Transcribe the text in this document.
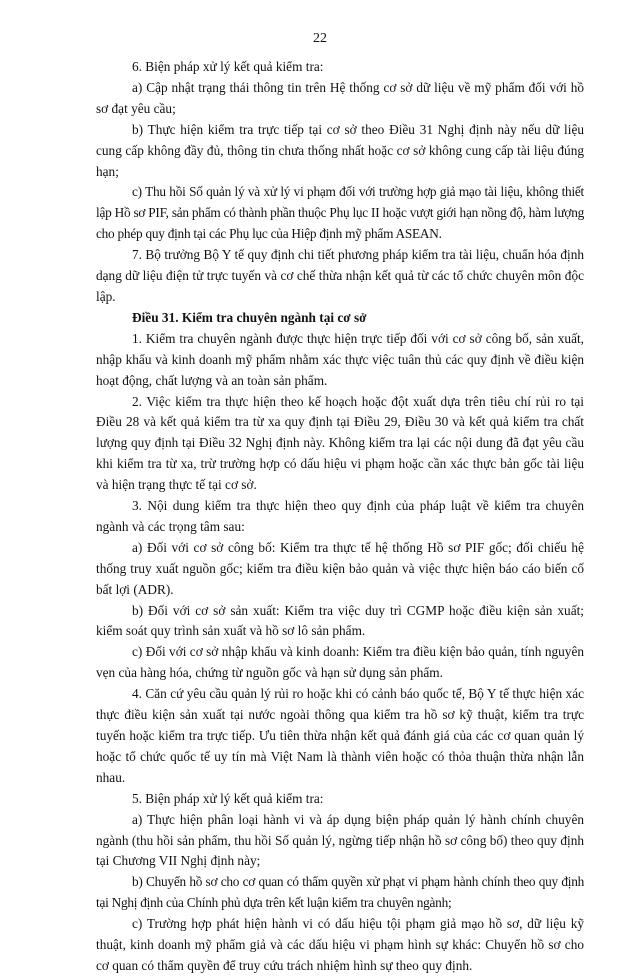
22

6. Biện pháp xử lý kết quả kiểm tra:

a) Cập nhật trạng thái thông tin trên Hệ thống cơ sở dữ liệu về mỹ phẩm đối với hồ sơ đạt yêu cầu;

b) Thực hiện kiểm tra trực tiếp tại cơ sở theo Điều 31 Nghị định này nếu dữ liệu cung cấp không đầy đủ, thông tin chưa thống nhất hoặc cơ sở không cung cấp tài liệu đúng hạn;

c) Thu hồi Số quản lý và xử lý vi phạm đối với trường hợp giả mạo tài liệu, không thiết lập Hồ sơ PIF, sản phẩm có thành phần thuộc Phụ lục II hoặc vượt giới hạn nồng độ, hàm lượng cho phép quy định tại các Phụ lục của Hiệp định mỹ phẩm ASEAN.

7. Bộ trưởng Bộ Y tế quy định chi tiết phương pháp kiểm tra tài liệu, chuẩn hóa định dạng dữ liệu điện tử trực tuyến và cơ chế thừa nhận kết quả từ các tổ chức chuyên môn độc lập.

Điều 31. Kiểm tra chuyên ngành tại cơ sở

1. Kiểm tra chuyên ngành được thực hiện trực tiếp đối với cơ sở công bố, sản xuất, nhập khẩu và kinh doanh mỹ phẩm nhằm xác thực việc tuân thủ các quy định về điều kiện hoạt động, chất lượng và an toàn sản phẩm.

2. Việc kiểm tra thực hiện theo kế hoạch hoặc đột xuất dựa trên tiêu chí rủi ro tại Điều 28 và kết quả kiểm tra từ xa quy định tại Điều 29, Điều 30 và kết quả kiểm tra chất lượng quy định tại Điều 32 Nghị định này. Không kiểm tra lại các nội dung đã đạt yêu cầu khi kiểm tra từ xa, trừ trường hợp có dấu hiệu vi phạm hoặc cần xác thực bản gốc tài liệu và hiện trạng thực tế tại cơ sở.

3. Nội dung kiểm tra thực hiện theo quy định của pháp luật về kiểm tra chuyên ngành và các trọng tâm sau:

a) Đối với cơ sở công bố: Kiểm tra thực tế hệ thống Hồ sơ PIF gốc; đối chiếu hệ thống truy xuất nguồn gốc; kiểm tra điều kiện bảo quản và việc thực hiện báo cáo biến cố bất lợi (ADR).

b) Đối với cơ sở sản xuất: Kiểm tra việc duy trì CGMP hoặc điều kiện sản xuất; kiểm soát quy trình sản xuất và hồ sơ lô sản phẩm.

c) Đối với cơ sở nhập khẩu và kinh doanh: Kiểm tra điều kiện bảo quản, tính nguyên vẹn của hàng hóa, chứng từ nguồn gốc và hạn sử dụng sản phẩm.

4. Căn cứ yêu cầu quản lý rủi ro hoặc khi có cảnh báo quốc tế, Bộ Y tế thực hiện xác thực điều kiện sản xuất tại nước ngoài thông qua kiểm tra hồ sơ kỹ thuật, kiểm tra trực tuyến hoặc kiểm tra trực tiếp. Ưu tiên thừa nhận kết quả đánh giá của các cơ quan quản lý hoặc tổ chức quốc tế uy tín mà Việt Nam là thành viên hoặc có thỏa thuận thừa nhận lẫn nhau.

5. Biện pháp xử lý kết quả kiểm tra:

a) Thực hiện phân loại hành vi và áp dụng biện pháp quản lý hành chính chuyên ngành (thu hồi sản phẩm, thu hồi Số quản lý, ngừng tiếp nhận hồ sơ công bố) theo quy định tại Chương VII Nghị định này;

b) Chuyển hồ sơ cho cơ quan có thẩm quyền xử phạt vi phạm hành chính theo quy định tại Nghị định của Chính phủ dựa trên kết luận kiểm tra chuyên ngành;

c) Trường hợp phát hiện hành vi có dấu hiệu tội phạm giả mạo hồ sơ, dữ liệu kỹ thuật, kinh doanh mỹ phẩm giả và các dấu hiệu vi phạm hình sự khác: Chuyển hồ sơ cho cơ quan có thẩm quyền để truy cứu trách nhiệm hình sự theo quy định.
